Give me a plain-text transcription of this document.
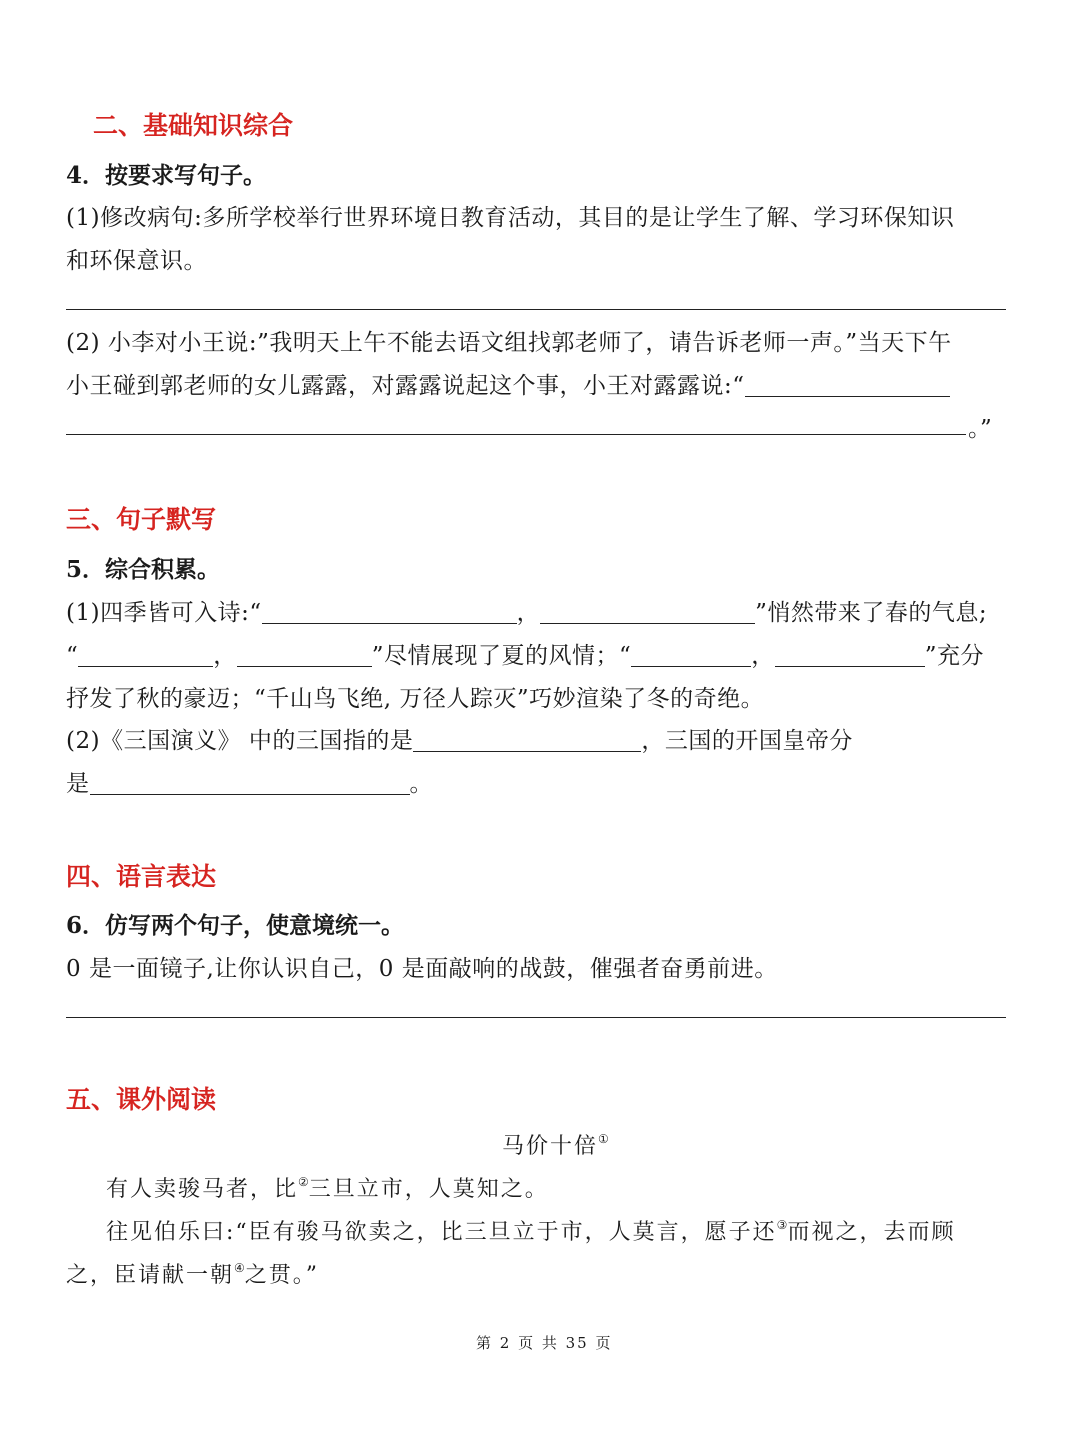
二、基础知识综合
4．按要求写句子。
(1)修改病句:多所学校举行世界环境日教育活动，其目的是让学生了解、学习环保知识
和环保意识。
(2) 小李对小王说:”我明天上午不能去语文组找郭老师了，请告诉老师一声。”当天下午
小王碰到郭老师的女儿露露，对露露说起这个事，小王对露露说:“
。”
三、句子默写
5．综合积累。
(1)四季皆可入诗:“	，	”悄然带来了春的气息;
“	，	”尽情展现了夏的风情；“	，	”充分
抒发了秋的豪迈；“千山鸟飞绝, 万径人踪灭”巧妙渲染了冬的奇绝。
(2)《三国演义》 中的三国指的是	，三国的开国皇帝分
是	。
四、语言表达
6．仿写两个句子，使意境统一。
0 是一面镜子,让你认识自己，0 是面敲响的战鼓，催强者奋勇前进。
五、课外阅读
马价十倍①
有人卖骏马者，比②三旦立市，人莫知之。
往见伯乐曰:“臣有骏马欲卖之，比三旦立于市，人莫言，愿子还③而视之，去而顾
之，臣请献一朝④之贯。”
第 2 页 共 35 页
